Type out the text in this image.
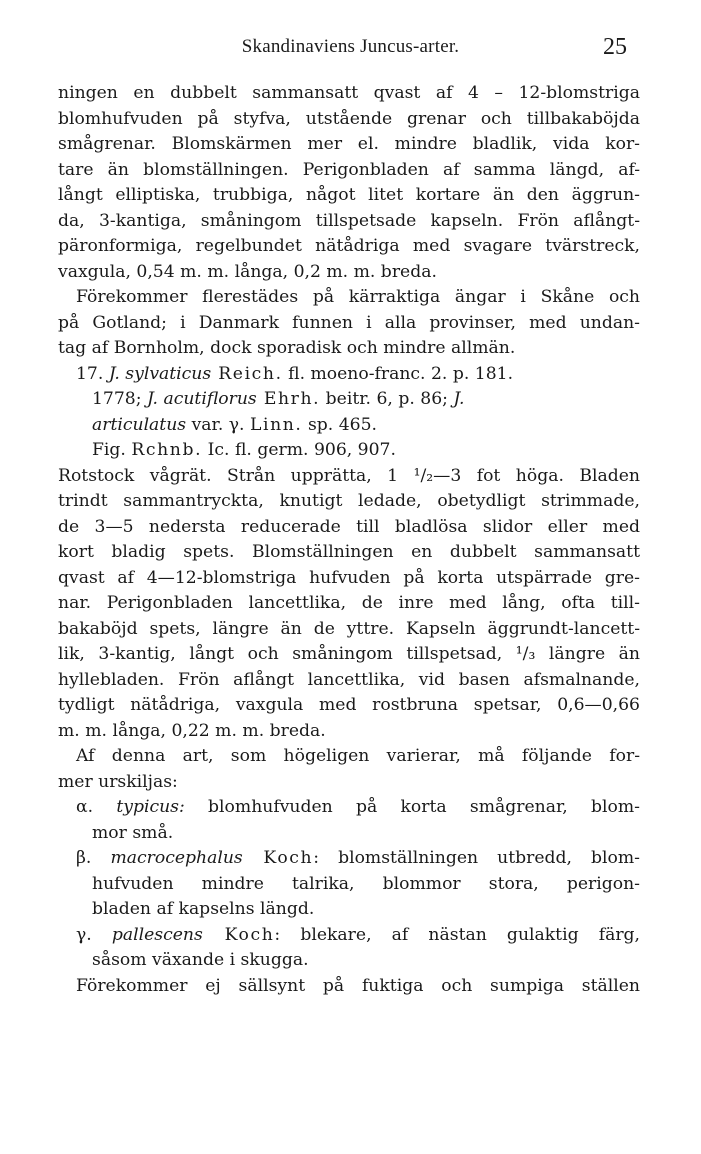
Skandinaviens Juncus-arter.	25
ningen en dubbelt sammansatt qvast af 4 – 12-blomstriga
blomhufvuden på styfva, utstående grenar och tillbakaböjda
smågrenar. Blomskärmen mer el. mindre bladlik, vida kor-
tare än blomställningen. Perigonbladen af samma längd, af-
långt elliptiska, trubbiga, något litet kortare än den äggrun-
da, 3-kantiga, småningom tillspetsade kapseln. Frön aflångt-
päronformiga, regelbundet nätådriga med svagare tvärstreck,
vaxgula, 0,54 m. m. långa, 0,2 m. m. breda.
Förekommer flerestädes på kärraktiga ängar i Skåne och
på Gotland; i Danmark funnen i alla provinser, med undan-
tag af Bornholm, dock sporadisk och mindre allmän.
17. J. sylvaticus Reich. fl. moeno-franc. 2. p. 181.
1778; J. acutiflorus Ehrh. beitr. 6, p. 86; J.
articulatus var. γ. Linn. sp. 465.
Fig. Rchnb. Ic. fl. germ. 906, 907.
Rotstock vågrät. Strån upprätta, 1 ¹/₂—3 fot höga. Bladen
trindt sammantryckta, knutigt ledade, obetydligt strimmade,
de 3—5 nedersta reducerade till bladlösa slidor eller med
kort bladig spets. Blomställningen en dubbelt sammansatt
qvast af 4—12-blomstriga hufvuden på korta utspärrade gre-
nar. Perigonbladen lancettlika, de inre med lång, ofta till-
bakaböjd spets, längre än de yttre. Kapseln äggrundt-lancett-
lik, 3-kantig, långt och småningom tillspetsad, ¹/₃ längre än
hyllebladen. Frön aflångt lancettlika, vid basen afsmalnande,
tydligt nätådriga, vaxgula med rostbruna spetsar, 0,6—0,66
m. m. långa, 0,22 m. m. breda.
Af denna art, som högeligen varierar, må följande for-
mer urskiljas:
α. typicus: blomhufvuden på korta smågrenar, blom-
mor små.
β. macrocephalus Koch: blomställningen utbredd, blom-
hufvuden mindre talrika, blommor stora, perigon-
bladen af kapselns längd.
γ. pallescens Koch: blekare, af nästan gulaktig färg,
såsom växande i skugga.
Förekommer ej sällsynt på fuktiga och sumpiga ställen
